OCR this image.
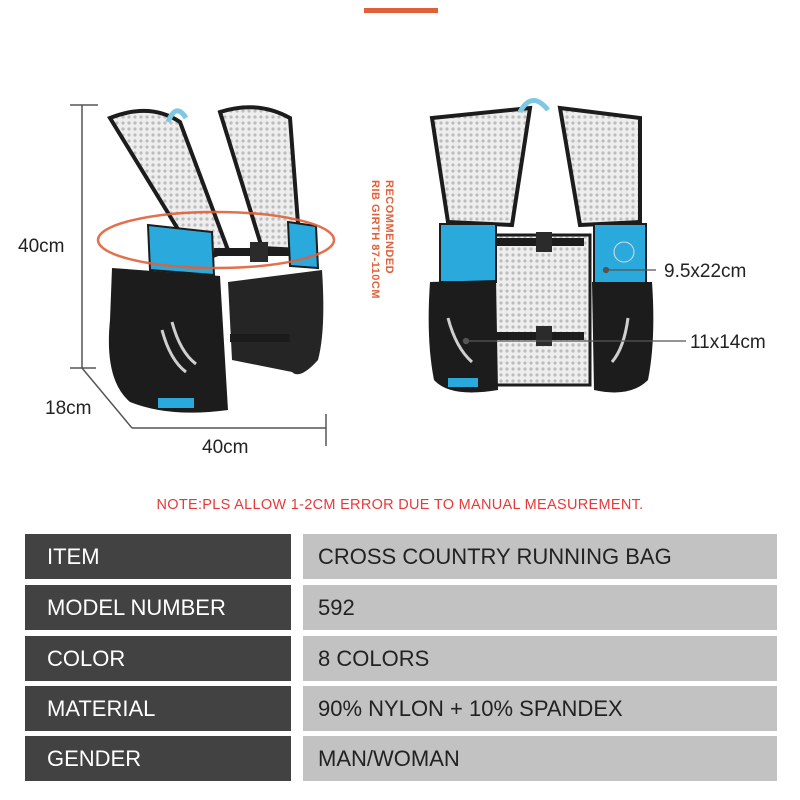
40cm
18cm
40cm
9.5x22cm
11x14cm
RECOMMENDED
RIB GIRTH 87-110CM
NOTE:PLS ALLOW 1-2CM ERROR DUE TO MANUAL MEASUREMENT.
ITEM	CROSS COUNTRY RUNNING BAG
MODEL NUMBER	592
COLOR	8 COLORS
MATERIAL	90% NYLON + 10% SPANDEX
GENDER	MAN/WOMAN
